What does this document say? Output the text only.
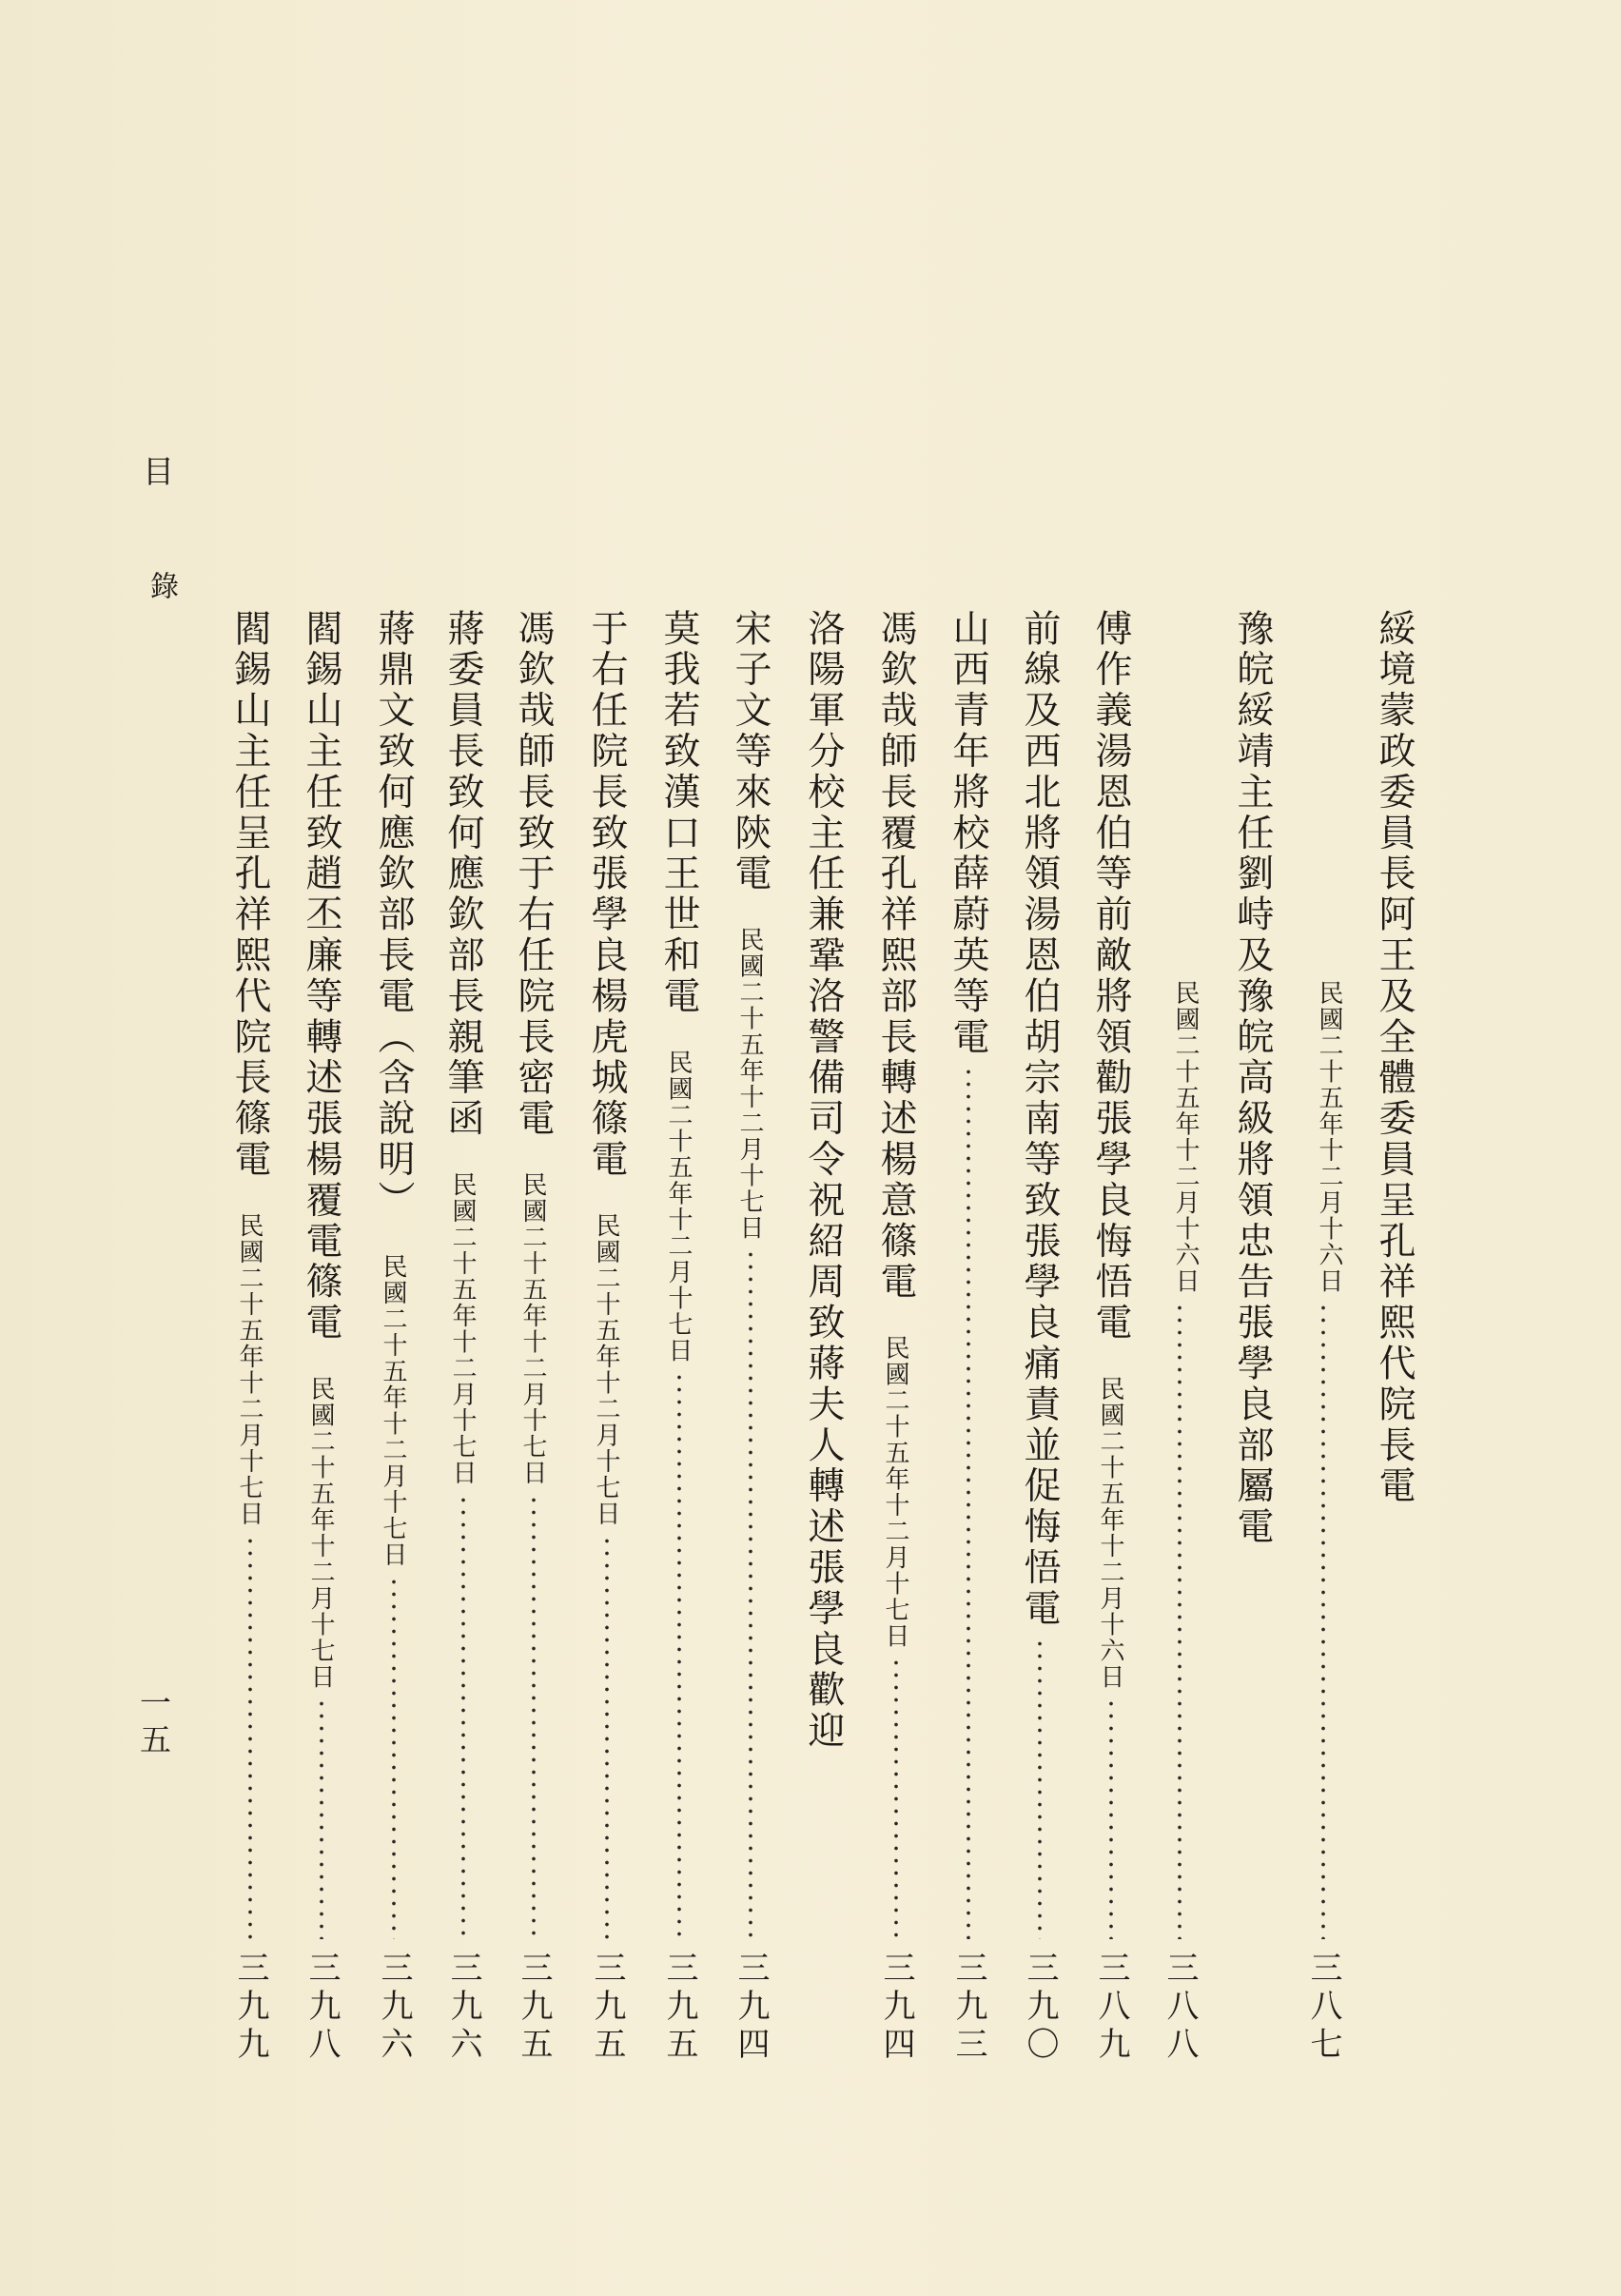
目
錄
一五
綏境蒙政委員長阿王及全體委員呈孔祥熙代院長電
民國二十五年十二月十六日
三八七
豫皖綏靖主任劉峙及豫皖高級將領忠告張學良部屬電
民國二十五年十二月十六日
三八八
傅作義湯恩伯等前敵將領勸張學良悔悟電民國二十五年十二月十六日
三八九
前線及西北將領湯恩伯胡宗南等致張學良痛責並促悔悟電
三九〇
山西青年將校薛蔚英等電
三九三
馮欽哉師長覆孔祥熙部長轉述楊意篠電民國二十五年十二月十七日
三九四
洛陽軍分校主任兼鞏洛警備司令祝紹周致蔣夫人轉述張學良歡迎
宋子文等來陝電民國二十五年十二月十七日
三九四
莫我若致漢口王世和電民國二十五年十二月十七日
三九五
于右任院長致張學良楊虎城篠電民國二十五年十二月十七日
三九五
馮欽哉師長致于右任院長密電民國二十五年十二月十七日
三九五
蔣委員長致何應欽部長親筆函民國二十五年十二月十七日
三九六
蔣鼎文致何應欽部長電（含說明）民國二十五年十二月十七日
三九六
閻錫山主任致趙丕廉等轉述張楊覆電篠電民國二十五年十二月十七日
三九八
閻錫山主任呈孔祥熙代院長篠電民國二十五年十二月十七日
三九九
